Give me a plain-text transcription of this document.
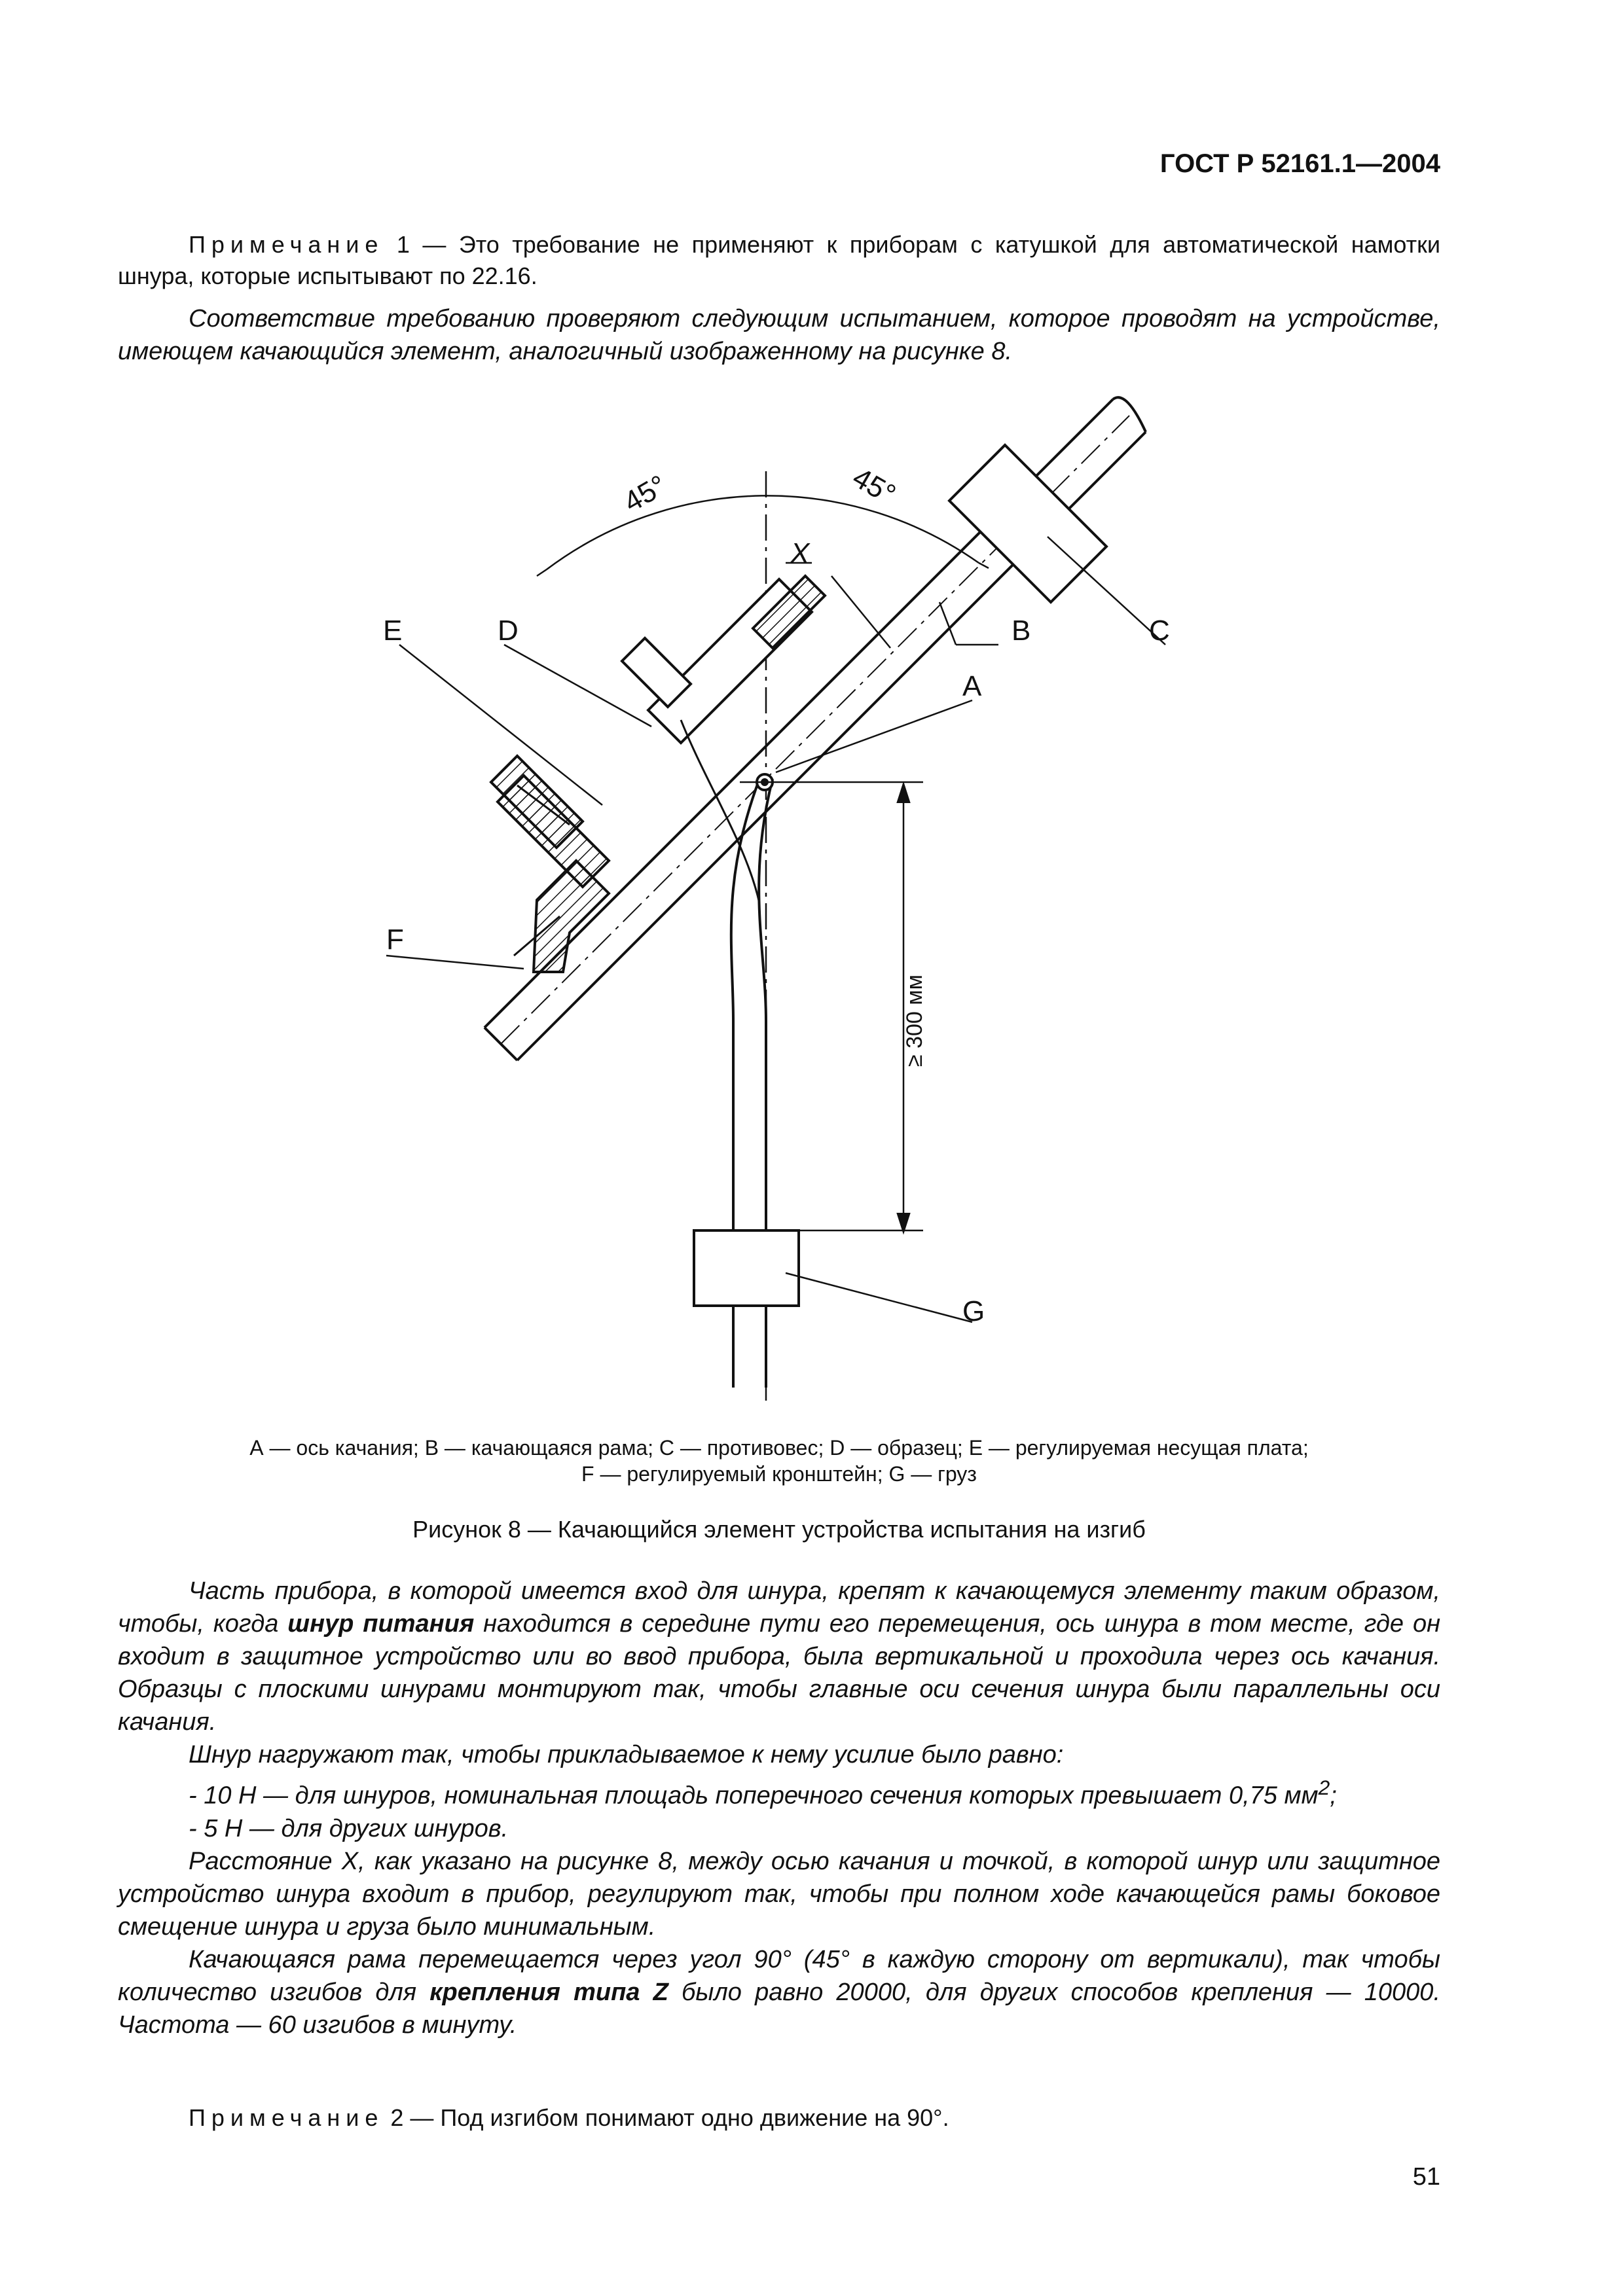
ГОСТ Р 52161.1—2004
Примечание 1 — Это требование не применяют к приборам с катушкой для автоматической намотки шнура, которые испытывают по 22.16.
Соответствие требованию проверяют следующим испытанием, которое проводят на устройстве, имеющем качающийся элемент, аналогичный изображенному на рисунке 8.
45°	45°
X
E	D	B	C
A
F
G
≥ 300 мм
А — ось качания; В — качающаяся рама; С — противовес; D — образец; Е — регулируемая несущая плата;
F — регулируемый кронштейн; G — груз
Рисунок 8 — Качающийся элемент устройства испытания на изгиб

Часть прибора, в которой имеется вход для шнура, крепят к качающемуся элементу таким образом, чтобы, когда шнур питания находится в середине пути его перемещения, ось шнура в том месте, где он входит в защитное устройство или во ввод прибора, была вертикальной и проходила через ось качания. Образцы с плоскими шнурами монтируют так, чтобы главные оси сечения шнура были параллельны оси качания.

Шнур нагружают так, чтобы прикладываемое к нему усилие было равно:

- 10 Н — для шнуров, номинальная площадь поперечного сечения которых превышает 0,75 $мм^2$;

- 5 Н — для других шнуров.

Расстояние X, как указано на рисунке 8, между осью качания и точкой, в которой шнур или защитное устройство шнура входит в прибор, регулируют так, чтобы при полном ходе качающейся рамы боковое смещение шнура и груза было минимальным.

Качающаяся рама перемещается через угол 90° (45° в каждую сторону от вертикали), так чтобы количество изгибов для крепления типа Z было равно 20000, для других способов крепления — 10000. Частота — 60 изгибов в минуту.

Примечание 2 — Под изгибом понимают одно движение на 90°.
51
